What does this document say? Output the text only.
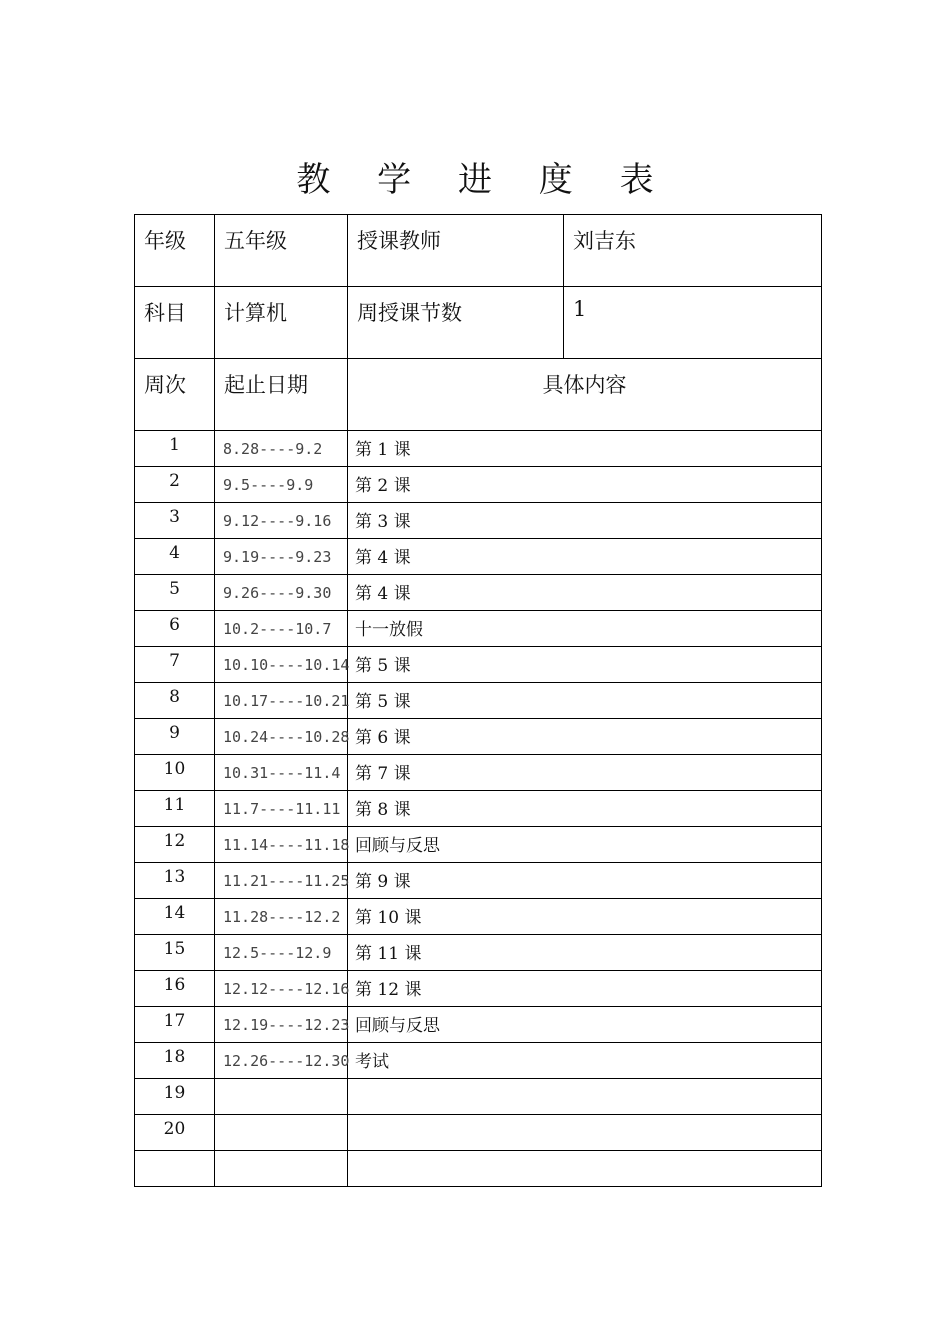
教 学 进 度 表
年级	五年级	授课教师	刘吉东
科目	计算机	周授课节数	1
周次	起止日期	具体内容	
1	8.28----9.2	第 1 课	
2	9.5----9.9	第 2 课	
3	9.12----9.16	第 3 课	
4	9.19----9.23	第 4 课	
5	9.26----9.30	第 4 课	
6	10.2----10.7	十一放假	
7	10.10----10.14	第 5 课	
8	10.17----10.21	第 5 课	
9	10.24----10.28	第 6 课	
10	10.31----11.4	第 7 课	
11	11.7----11.11	第 8 课	
12	11.14----11.18	回顾与反思	
13	11.21----11.25	第 9 课	
14	11.28----12.2	第 10 课	
15	12.5----12.9	第 11 课	
16	12.12----12.16	第 12 课	
17	12.19----12.23	回顾与反思	
18	12.26----12.30	考试	
19			
20			
